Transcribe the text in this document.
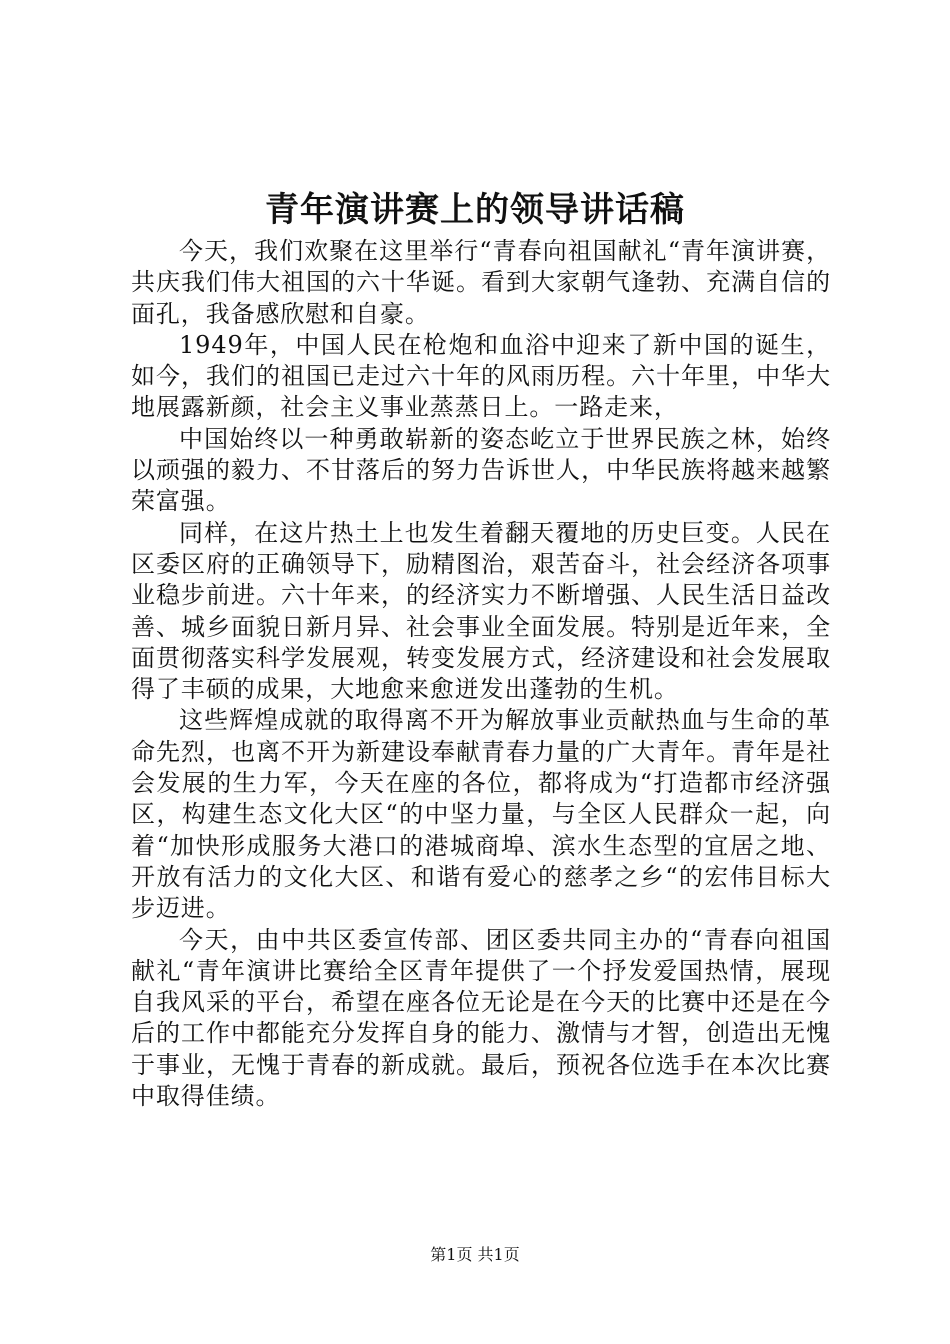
青年演讲赛上的领导讲话稿

今天，我们欢聚在这里举行“青春向祖国献礼“青年演讲赛，共庆我们伟大祖国的六十华诞。看到大家朝气逢勃、充满自信的面孔，我备感欣慰和自豪。

1949年，中国人民在枪炮和血浴中迎来了新中国的诞生，如今，我们的祖国已走过六十年的风雨历程。六十年里，中华大地展露新颜，社会主义事业蒸蒸日上。一路走来，

中国始终以一种勇敢崭新的姿态屹立于世界民族之林，始终以顽强的毅力、不甘落后的努力告诉世人，中华民族将越来越繁荣富强。

同样，在这片热土上也发生着翻天覆地的历史巨变。人民在区委区府的正确领导下，励精图治，艰苦奋斗，社会经济各项事业稳步前进。六十年来，的经济实力不断增强、人民生活日益改善、城乡面貌日新月异、社会事业全面发展。特别是近年来，全面贯彻落实科学发展观，转变发展方式，经济建设和社会发展取得了丰硕的成果，大地愈来愈迸发出蓬勃的生机。

这些辉煌成就的取得离不开为解放事业贡献热血与生命的革命先烈，也离不开为新建设奉献青春力量的广大青年。青年是社会发展的生力军，今天在座的各位，都将成为“打造都市经济强区，构建生态文化大区“的中坚力量，与全区人民群众一起，向着“加快形成服务大港口的港城商埠、滨水生态型的宜居之地、开放有活力的文化大区、和谐有爱心的慈孝之乡“的宏伟目标大步迈进。

今天，由中共区委宣传部、团区委共同主办的“青春向祖国献礼“青年演讲比赛给全区青年提供了一个抒发爱国热情，展现自我风采的平台，希望在座各位无论是在今天的比赛中还是在今后的工作中都能充分发挥自身的能力、激情与才智，创造出无愧于事业，无愧于青春的新成就。最后，预祝各位选手在本次比赛中取得佳绩。

第1页 共1页
